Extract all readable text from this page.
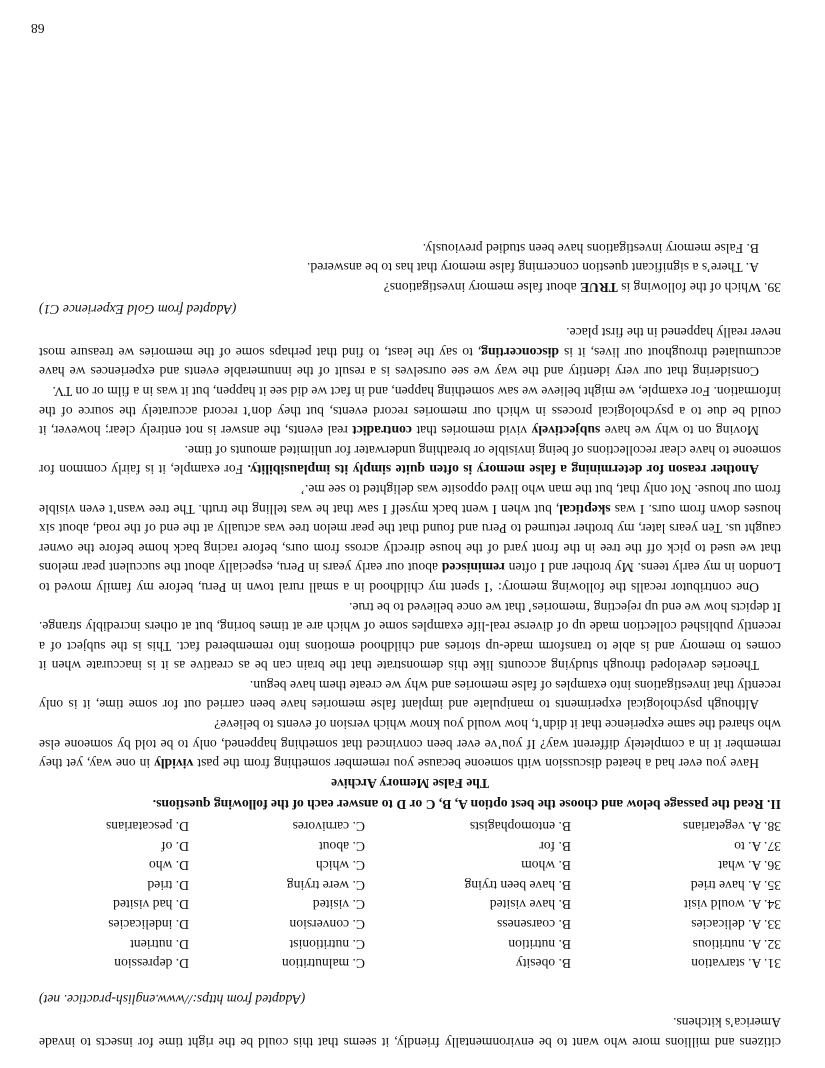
citizens and millions more who want to be environmentally friendly, it seems that this could be the right time for insects to invade America’s kitchens.

(Adapted from https://www.english-practice. net)

31. A. starvation
B. obesity
C. malnutrition
D. depression
32. A. nutritious
B. nutrition
C. nutritionist
D. nutrient
33. A. delicacies
B. coarseness
C. conversion
D. indelicacies
34. A. would visit
B. have visited
C. visited
D. had visited
35. A. have tried
B. have been trying
C. were trying
D. tried
36. A. what
B. whom
C. which
D. who
37. A. to
B. for
C. about
D. of
38. A. vegetarians
B. entomophagists
C. carnivores
D. pescatarians

II. Read the passage below and choose the best option A, B, C or D to answer each of the following questions.

The False Memory Archive

Have you ever had a heated discussion with someone because you remember something from the past vividly in one way, yet they remember it in a completely different way? If you’ve ever been convinced that something happened, only to be told by someone else who shared the same experience that it didn’t, how would you know which version of events to believe?

Although psychological experiments to manipulate and implant false memories have been carried out for some time, it is only recently that investigations into examples of false memories and why we create them have begun.

Theories developed through studying accounts like this demonstrate that the brain can be as creative as it is inaccurate when it comes to memory and is able to transform made-up stories and childhood emotions into remembered fact. This is the subject of a recently published collection made up of diverse real-life examples some of which are at times boring, but at others incredibly strange. It depicts how we end up rejecting ‘memories’ that we once believed to be true.

One contributor recalls the following memory: ‘I spent my childhood in a small rural town in Peru, before my family moved to London in my early teens. My brother and I often reminisced about our early years in Peru, especially about the succulent pear melons that we used to pick off the tree in the front yard of the house directly across from ours, before racing back home before the owner caught us. Ten years later, my brother returned to Peru and found that the pear melon tree was actually at the end of the road, about six houses down from ours. I was skeptical, but when I went back myself I saw that he was telling the truth. The tree wasn’t even visible from our house. Not only that, but the man who lived opposite was delighted to see me.’

Another reason for determining a false memory is often quite simply its implausibility. For example, it is fairly common for someone to have clear recollections of being invisible or breathing underwater for unlimited amounts of time.

Moving on to why we have subjectively vivid memories that contradict real events, the answer is not entirely clear; however, it could be due to a psychological process in which our memories record events, but they don’t record accurately the source of the information. For example, we might believe we saw something happen, and in fact we did see it happen, but it was in a film or on TV.

Considering that our very identity and the way we see ourselves is a result of the innumerable events and experiences we have accumulated throughout our lives, it is disconcerting, to say the least, to find that perhaps some of the memories we treasure most never really happened in the first place.

(Adapted from Gold Experience C1)

39. Which of the following is TRUE about false memory investigations?

A. There’s a significant question concerning false memory that has to be answered.

B. False memory investigations have been studied previously.

68
